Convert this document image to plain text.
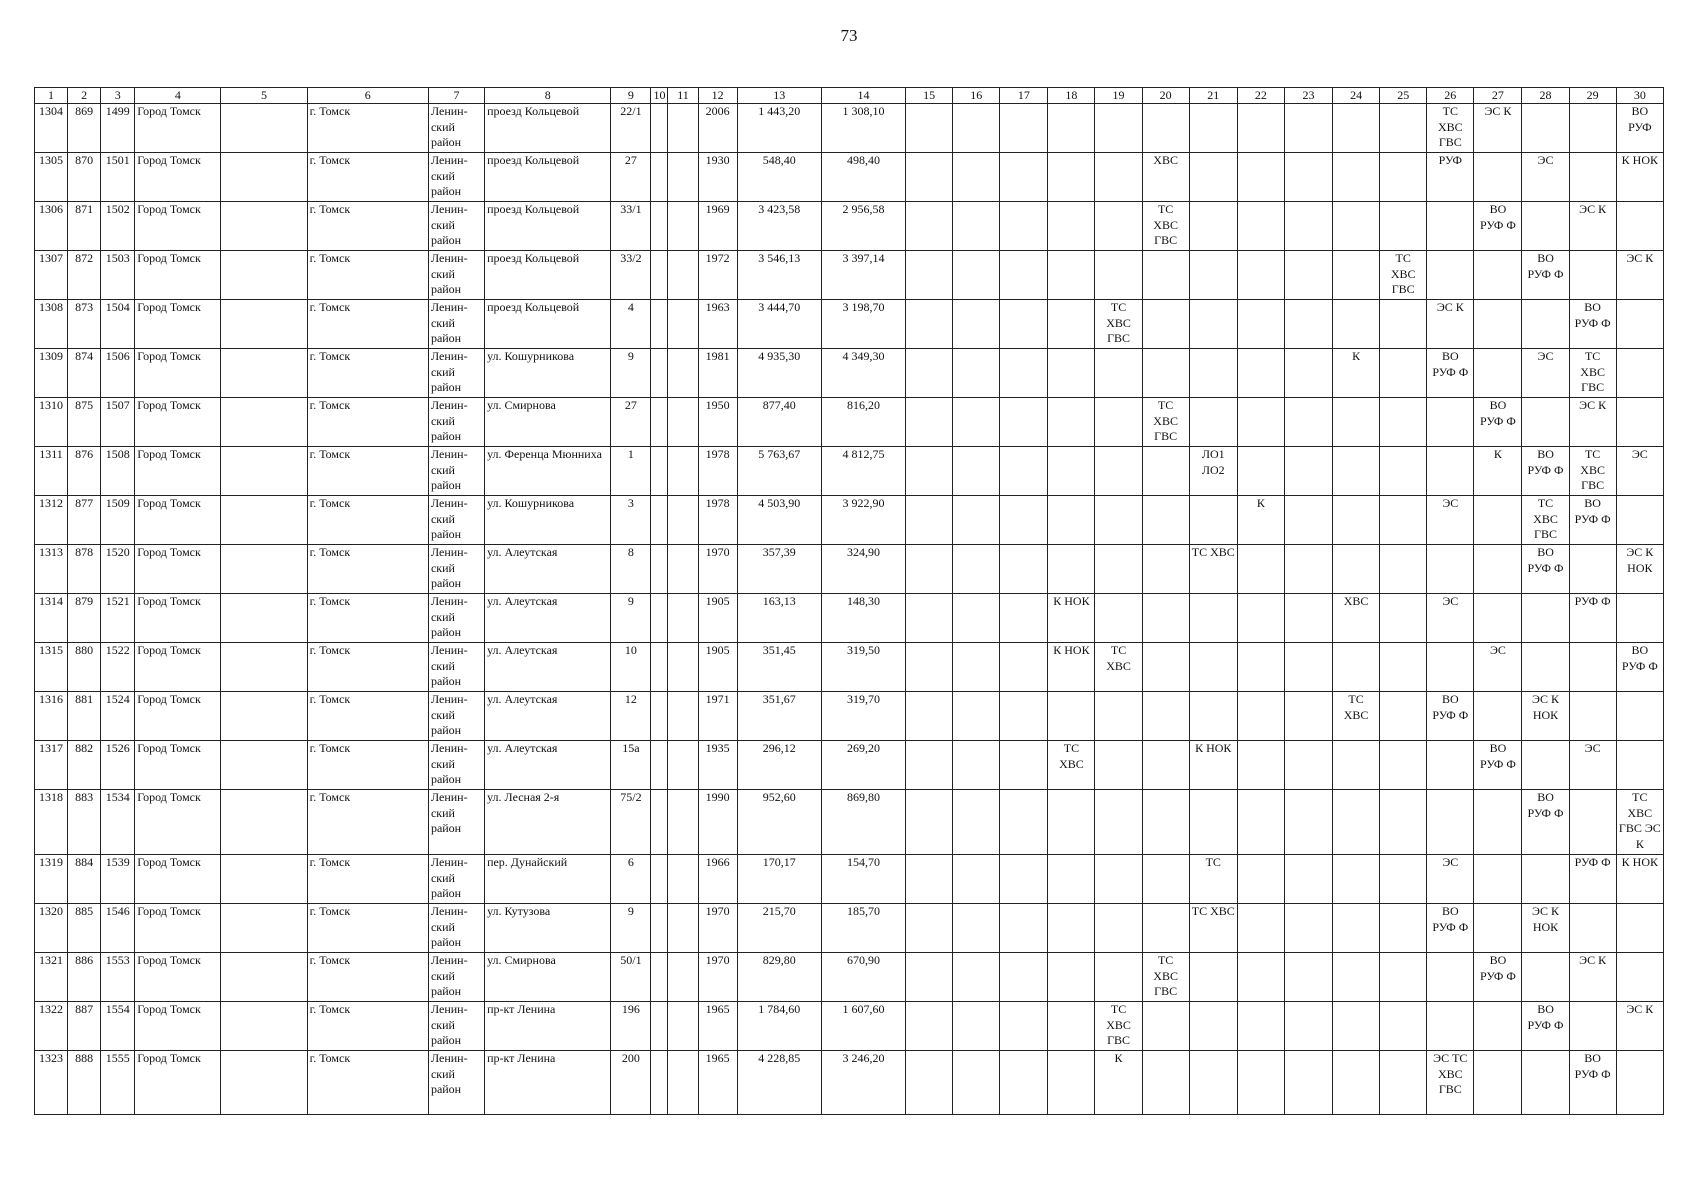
73
1	2	3	4	5	6	7	8	9	10	11	12	13	14	15	16	17	18	19	20	21	22	23	24	25	26	27	28	29	30
1304	869	1499	Город Томск		г. Томск	Ленин-ский район	проезд Кольцевой	22/1			2006	1 443,20	1 308,10												ТС ХВС ГВС	ЭС К			ВО РУФ
1305	870	1501	Город Томск		г. Томск	Ленин-ский район	проезд Кольцевой	27			1930	548,40	498,40						ХВС						РУФ		ЭС		К НОК
1306	871	1502	Город Томск		г. Томск	Ленин-ский район	проезд Кольцевой	33/1			1969	3 423,58	2 956,58						ТС ХВС ГВС							ВО РУФ Ф		ЭС К	
1307	872	1503	Город Томск		г. Томск	Ленин-ский район	проезд Кольцевой	33/2			1972	3 546,13	3 397,14											ТС ХВС ГВС			ВО РУФ Ф		ЭС К
1308	873	1504	Город Томск		г. Томск	Ленин-ский район	проезд Кольцевой	4			1963	3 444,70	3 198,70					ТС ХВС ГВС							ЭС К			ВО РУФ Ф	
1309	874	1506	Город Томск		г. Томск	Ленин-ский район	ул. Кошурникова	9			1981	4 935,30	4 349,30										К		ВО РУФ Ф		ЭС	ТС ХВС ГВС	
1310	875	1507	Город Томск		г. Томск	Ленин-ский район	ул. Смирнова	27			1950	877,40	816,20						ТС ХВС ГВС							ВО РУФ Ф		ЭС К	
1311	876	1508	Город Томск		г. Томск	Ленин-ский район	ул. Ференца Мюнниха	1			1978	5 763,67	4 812,75							ЛО1 ЛО2						К	ВО РУФ Ф	ТС ХВС ГВС	ЭС
1312	877	1509	Город Томск		г. Томск	Ленин-ский район	ул. Кошурникова	3			1978	4 503,90	3 922,90								К				ЭС		ТС ХВС ГВС	ВО РУФ Ф	
1313	878	1520	Город Томск		г. Томск	Ленин-ский район	ул. Алеутская	8			1970	357,39	324,90							ТС ХВС							ВО РУФ Ф		ЭС К НОК
1314	879	1521	Город Томск		г. Томск	Ленин-ский район	ул. Алеутская	9			1905	163,13	148,30				К НОК						ХВС		ЭС			РУФ Ф	
1315	880	1522	Город Томск		г. Томск	Ленин-ский район	ул. Алеутская	10			1905	351,45	319,50				К НОК	ТС ХВС								ЭС			ВО РУФ Ф
1316	881	1524	Город Томск		г. Томск	Ленин-ский район	ул. Алеутская	12			1971	351,67	319,70										ТС ХВС		ВО РУФ Ф		ЭС К НОК		
1317	882	1526	Город Томск		г. Томск	Ленин-ский район	ул. Алеутская	15а			1935	296,12	269,20				ТС ХВС			К НОК						ВО РУФ Ф		ЭС	
1318	883	1534	Город Томск		г. Томск	Ленин-ский район	ул. Лесная 2-я	75/2			1990	952,60	869,80														ВО РУФ Ф		ТС ХВС ГВС ЭС К
1319	884	1539	Город Томск		г. Томск	Ленин-ский район	пер. Дунайский	6			1966	170,17	154,70							ТС					ЭС			РУФ Ф	К НОК
1320	885	1546	Город Томск		г. Томск	Ленин-ский район	ул. Кутузова	9			1970	215,70	185,70							ТС ХВС					ВО РУФ Ф		ЭС К НОК		
1321	886	1553	Город Томск		г. Томск	Ленин-ский район	ул. Смирнова	50/1			1970	829,80	670,90						ТС ХВС ГВС							ВО РУФ Ф		ЭС К	
1322	887	1554	Город Томск		г. Томск	Ленин-ский район	пр-кт Ленина	196			1965	1 784,60	1 607,60					ТС ХВС ГВС									ВО РУФ Ф		ЭС К
1323	888	1555	Город Томск		г. Томск	Ленин-ский район	пр-кт Ленина	200			1965	4 228,85	3 246,20					К							ЭС ТС ХВС ГВС			ВО РУФ Ф	
